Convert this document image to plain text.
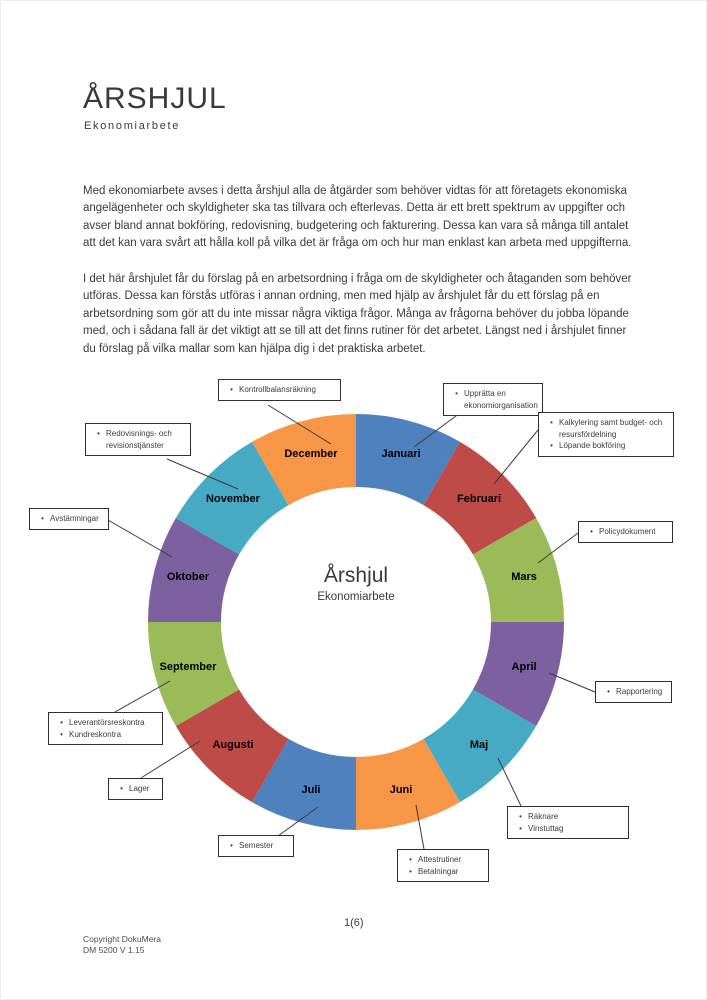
ÅRSHJUL
Ekonomiarbete

Med ekonomiarbete avses i detta årshjul alla de åtgärder som behöver vidtas för att företagets ekonomiska angelägenheter och skyldigheter ska tas tillvara och efterlevas. Detta är ett brett spektrum av uppgifter och avser bland annat bokföring, redovisning, budgetering och fakturering. Dessa kan vara så många till antalet att det kan vara svårt att hålla koll på vilka det är fråga om och hur man enklast kan arbeta med uppgifterna.

I det här årshjulet får du förslag på en arbetsordning i fråga om de skyldigheter och åtaganden som behöver utföras. Dessa kan förstås utföras i annan ordning, men med hjälp av årshjulet får du ett förslag på en arbetsordning som gör att du inte missar några viktiga frågor. Många av frågorna behöver du jobba löpande med, och i sådana fall är det viktigt att se till att det finns rutiner för det arbetet. Längst ned i årshjulet finner du förslag på vilka mallar som kan hjälpa dig i det praktiska arbetet.

Januari
• Upprätta en ekonomiorganisation
Februari
• Kalkylering samt budget- och resursfördelning
• Löpande bokföring
Mars
• Policydokument
April
• Rapportering
Maj
• Räknare
• Vinstuttag
Juni
• Attestrutiner
• Betalningar
Juli
• Semester
Augusti
• Lager
September
• Leverantörsreskontra
• Kundreskontra
Oktober
• Avstämningar
November
• Redovisnings- och revisionstjänster
December
• Kontrollbalansräkning
Årshjul
Ekonomiarbete
1(6)
Copyright DokuMera
DM 5200 V 1.15
